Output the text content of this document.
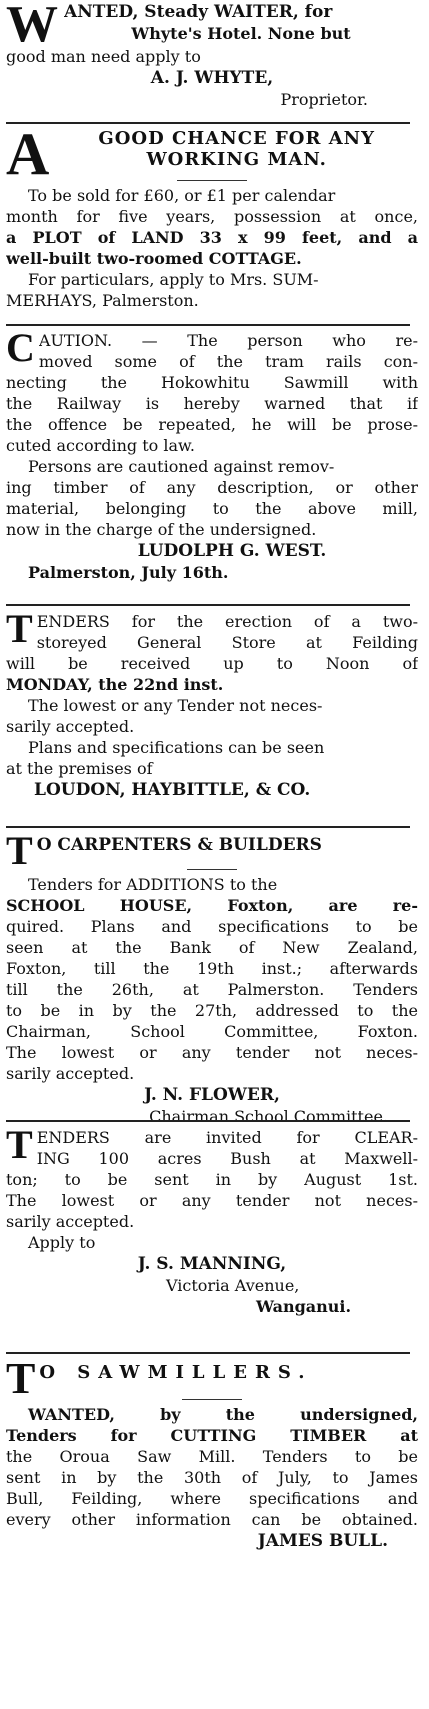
W ANTED, Steady WAITER, for

Whyte's Hotel. None but

good man need apply to

A. J. WHYTE,

Proprietor.

A	GOOD CHANCE FOR ANY

WORKING MAN.

To be sold for £60, or £1 per calendar

month for five years, possession at once,

a PLOT of LAND 33 x 99 feet, and a

well-built two-roomed COTTAGE.

For particulars, apply to Mrs. SUM-

MERHAYS, Palmerston.

C AUTION. — The person who re-

moved some of the tram rails con-

necting the Hokowhitu Sawmill with

the Railway is hereby warned that if

the offence be repeated, he will be prose-

cuted according to law.

Persons are cautioned against remov-

ing timber of any description, or other

material, belonging to the above mill,

now in the charge of the undersigned.

LUDOLPH G. WEST.

Palmerston, July 16th.

T ENDERS for the erection of a two-

storeyed General Store at Feilding

will be received up to Noon of

MONDAY, the 22nd inst.

The lowest or any Tender not neces-

sarily accepted.

Plans and specifications can be seen

at the premises of

LOUDON, HAYBITTLE, & CO.

T O CARPENTERS & BUILDERS

Tenders for ADDITIONS to the

SCHOOL HOUSE, Foxton, are re-

quired. Plans and specifications to be

seen at the Bank of New Zealand,

Foxton, till the 19th inst.; afterwards

till the 26th, at Palmerston. Tenders

to be in by the 27th, addressed to the

Chairman, School Committee, Foxton.

The lowest or any tender not neces-

sarily accepted.

J. N. FLOWER,

Chairman School Committee.

T ENDERS are invited for CLEAR-

ING 100 acres Bush at Maxwell-

ton; to be sent in by August 1st.

The lowest or any tender not neces-

sarily accepted.

Apply to

J. S. MANNING,

Victoria Avenue,

Wanganui.

T O SAWMILLERS.

WANTED, by the undersigned,

Tenders for CUTTING TIMBER at

the Oroua Saw Mill. Tenders to be

sent in by the 30th of July, to James

Bull, Feilding, where specifications and

every other information can be obtained.

JAMES BULL.
